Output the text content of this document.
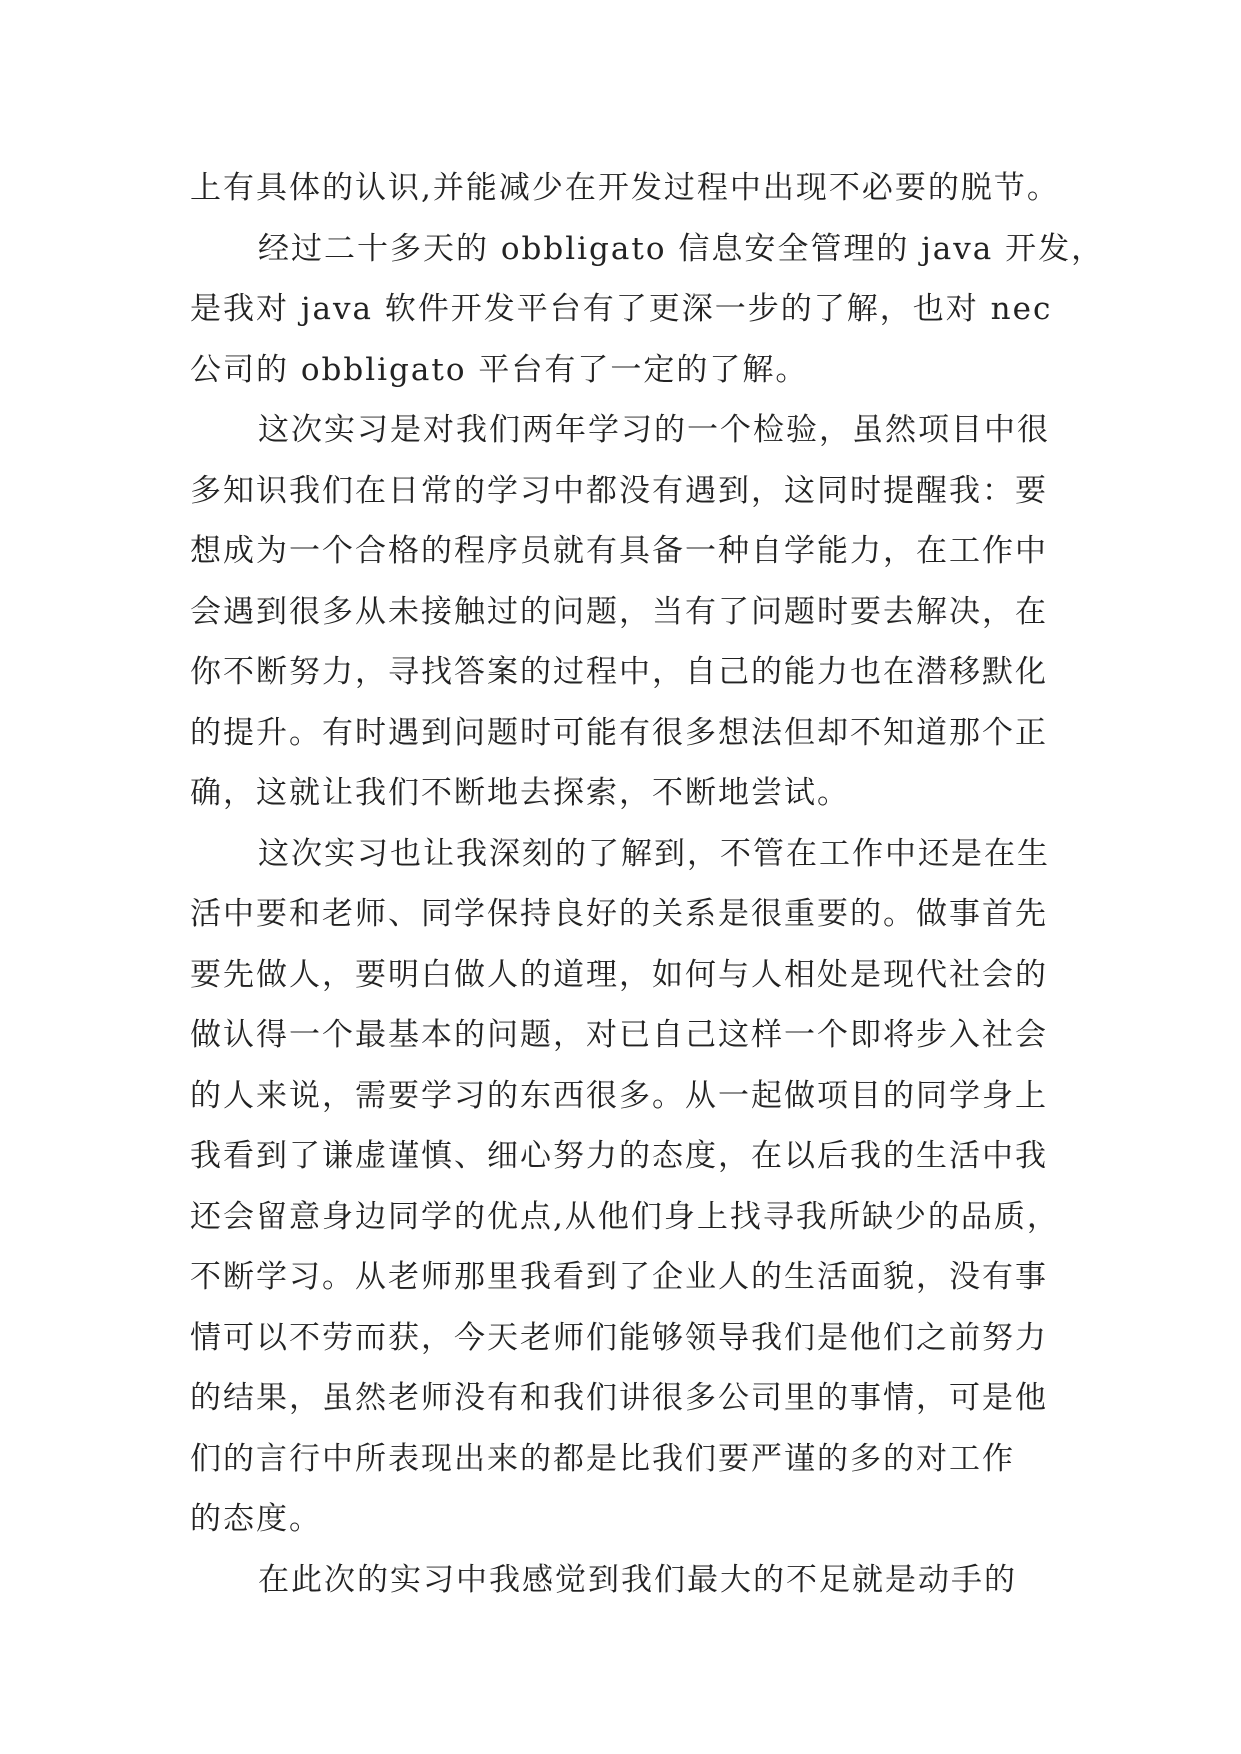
上有具体的认识,并能减少在开发过程中出现不必要的脱节。
经过二十多天的 obbligato 信息安全管理的 java 开发，
是我对 java 软件开发平台有了更深一步的了解，也对 nec
公司的 obbligato 平台有了一定的了解。
这次实习是对我们两年学习的一个检验，虽然项目中很
多知识我们在日常的学习中都没有遇到，这同时提醒我：要
想成为一个合格的程序员就有具备一种自学能力，在工作中
会遇到很多从未接触过的问题，当有了问题时要去解决，在
你不断努力，寻找答案的过程中，自己的能力也在潜移默化
的提升。有时遇到问题时可能有很多想法但却不知道那个正
确，这就让我们不断地去探索，不断地尝试。
这次实习也让我深刻的了解到，不管在工作中还是在生
活中要和老师、同学保持良好的关系是很重要的。做事首先
要先做人，要明白做人的道理，如何与人相处是现代社会的
做认得一个最基本的问题，对已自己这样一个即将步入社会
的人来说，需要学习的东西很多。从一起做项目的同学身上
我看到了谦虚谨慎、细心努力的态度，在以后我的生活中我
还会留意身边同学的优点,从他们身上找寻我所缺少的品质，
不断学习。从老师那里我看到了企业人的生活面貌，没有事
情可以不劳而获，今天老师们能够领导我们是他们之前努力
的结果，虽然老师没有和我们讲很多公司里的事情，可是他
们的言行中所表现出来的都是比我们要严谨的多的对工作
的态度。
在此次的实习中我感觉到我们最大的不足就是动手的
